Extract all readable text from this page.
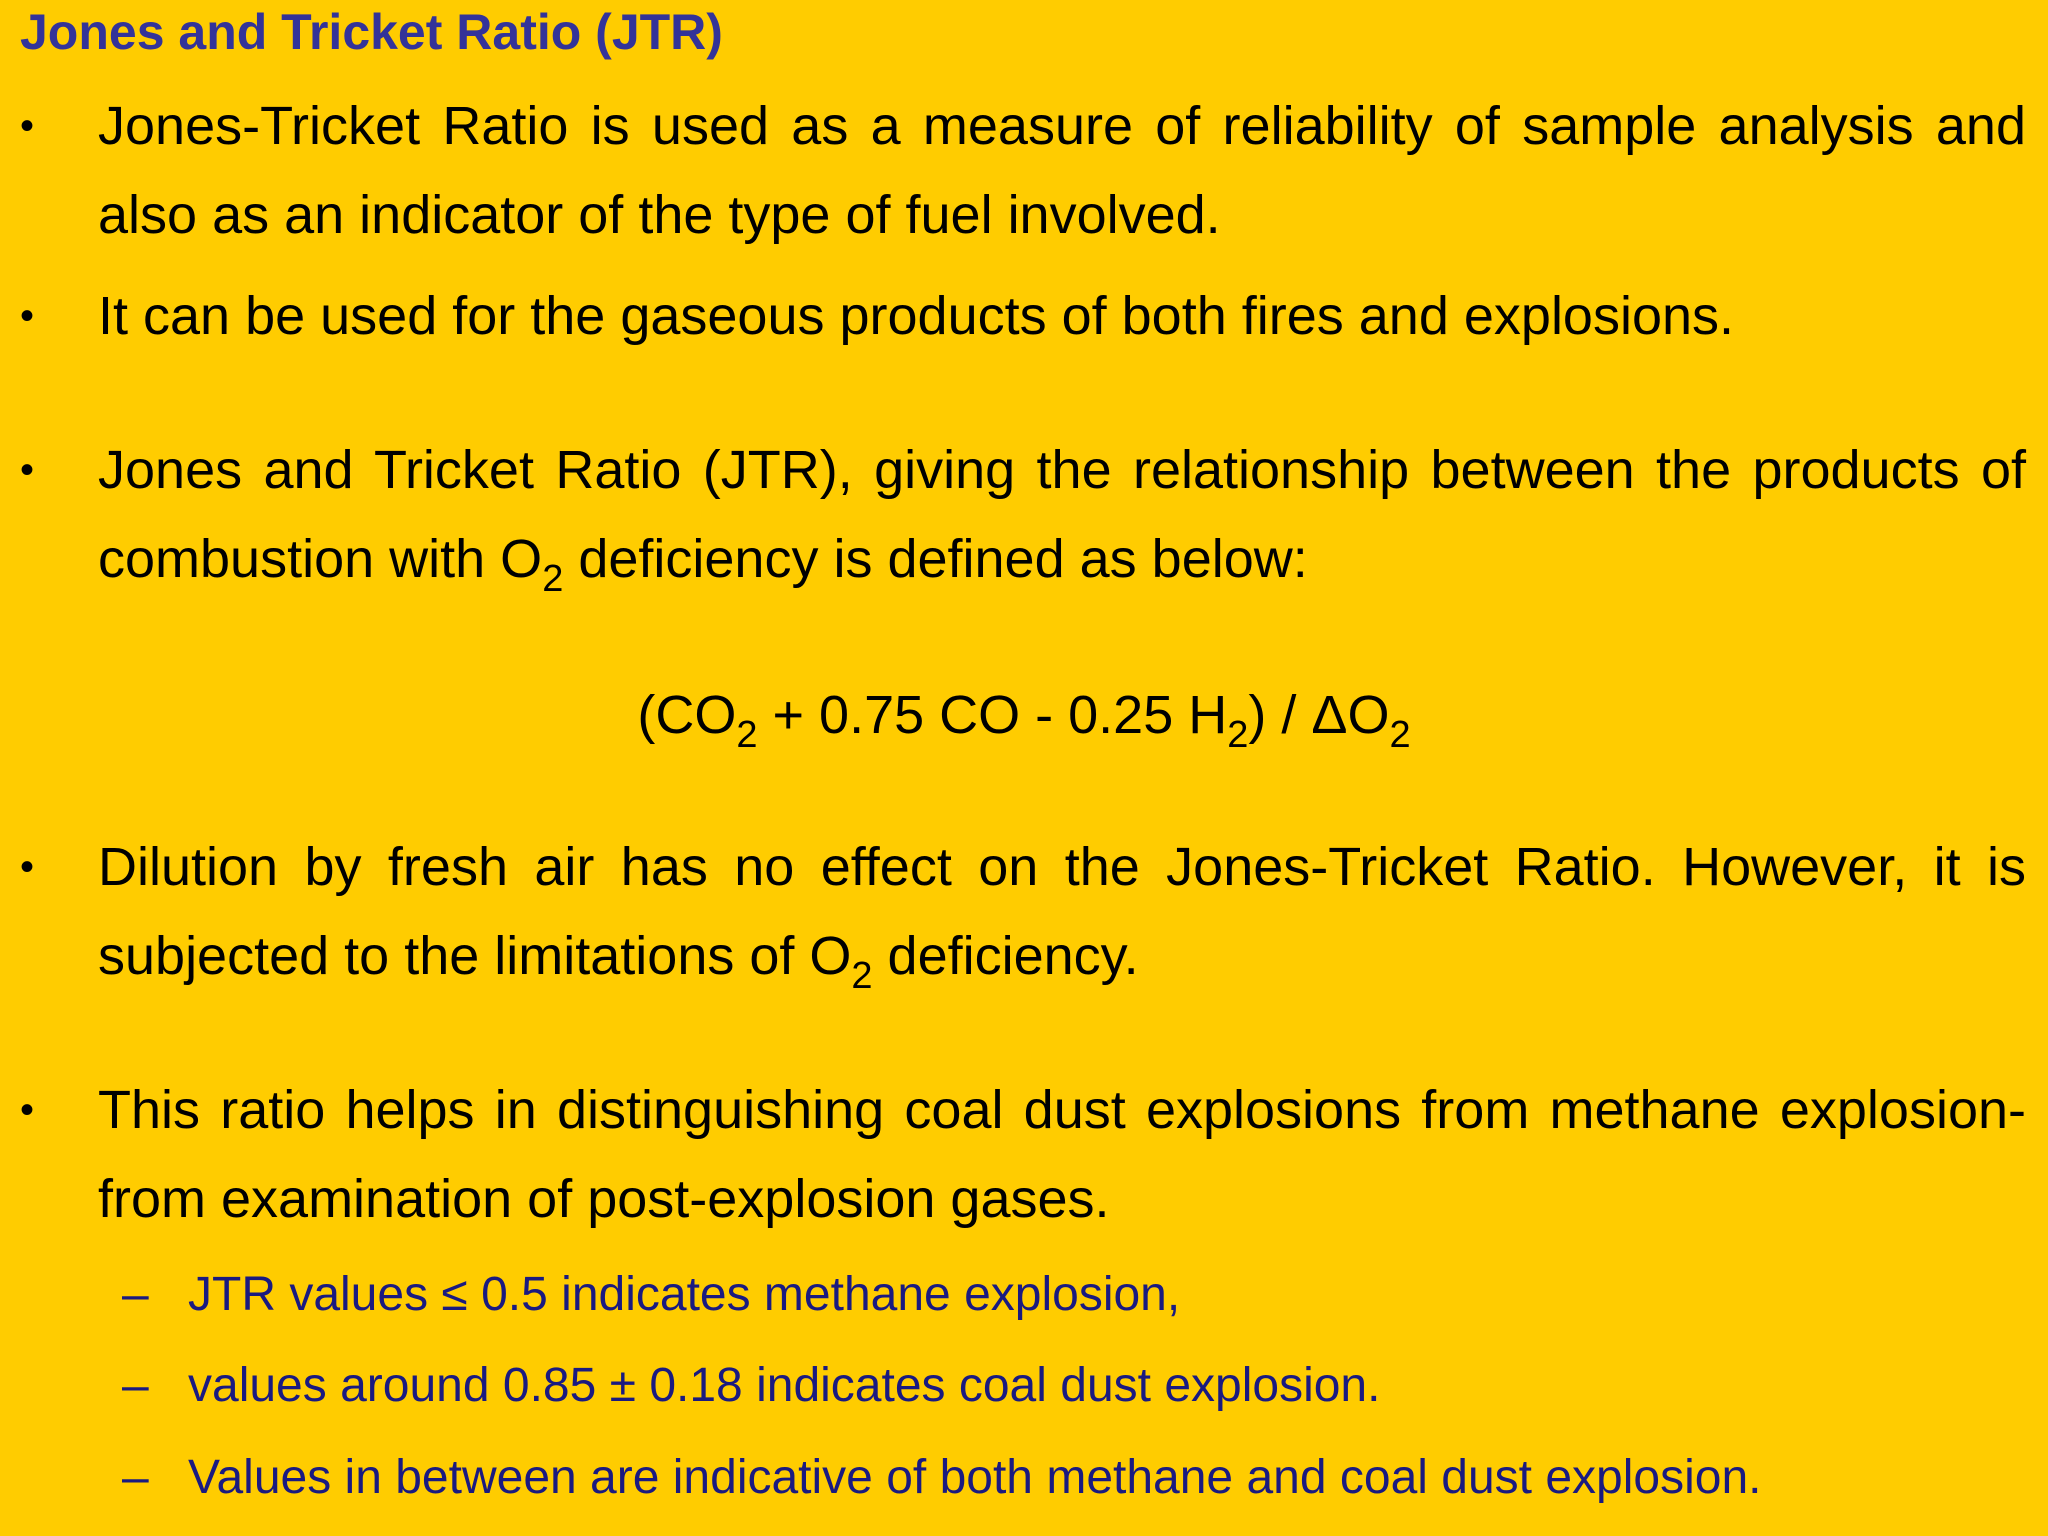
Jones and Tricket Ratio (JTR)
•	Jones-Tricket Ratio is used as a measure of reliability of sample analysis and also as an indicator of the type of fuel involved.
•	It can be used for the gaseous products of both fires and explosions.
•	Jones and Tricket Ratio (JTR), giving the relationship between the products of combustion with $O_2$ deficiency is defined as below:
($CO_2 + 0.75$ CO - 0.25 $H_2) / \Delta O_2$
•	Dilution by fresh air has no effect on the Jones-Tricket Ratio. However, it is subjected to the limitations of $O_2$ deficiency.
•	This ratio helps in distinguishing coal dust explosions from methane explosion-from examination of post-explosion gases.
– JTR values ≤ 0.5 indicates methane explosion,
– values around 0.85 ± 0.18 indicates coal dust explosion.
– Values in between are indicative of both methane and coal dust explosion.
